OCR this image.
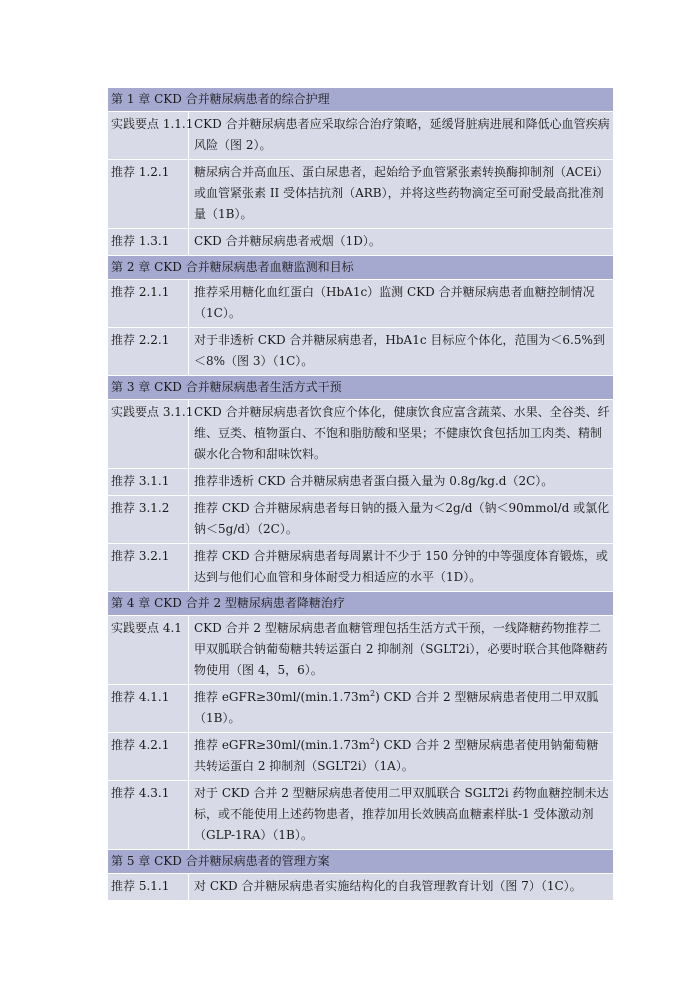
第 1 章 CKD 合并糖尿病患者的综合护理	
实践要点 1.1.1	CKD 合并糖尿病患者应采取综合治疗策略，延缓肾脏病进展和降低心血管疾病风险（图 2）。
推荐 1.2.1	糖尿病合并高血压、蛋白尿患者，起始给予血管紧张素转换酶抑制剂（ACEi）或血管紧张素 II 受体拮抗剂（ARB），并将这些药物滴定至可耐受最高批准剂量（1B）。
推荐 1.3.1	CKD 合并糖尿病患者戒烟（1D）。
第 2 章 CKD 合并糖尿病患者血糖监测和目标	
推荐 2.1.1	推荐采用糖化血红蛋白（HbA1c）监测 CKD 合并糖尿病患者血糖控制情况（1C）。
推荐 2.2.1	对于非透析 CKD 合并糖尿病患者，HbA1c 目标应个体化，范围为＜6.5%到＜8%（图 3）（1C）。
第 3 章 CKD 合并糖尿病患者生活方式干预	
实践要点 3.1.1	CKD 合并糖尿病患者饮食应个体化，健康饮食应富含蔬菜、水果、全谷类、纤维、豆类、植物蛋白、不饱和脂肪酸和坚果；不健康饮食包括加工肉类、精制碳水化合物和甜味饮料。
推荐 3.1.1	推荐非透析 CKD 合并糖尿病患者蛋白摄入量为 0.8g/kg.d（2C）。
推荐 3.1.2	推荐 CKD 合并糖尿病患者每日钠的摄入量为＜2g/d（钠＜90mmol/d 或氯化钠＜5g/d）（2C）。
推荐 3.2.1	推荐 CKD 合并糖尿病患者每周累计不少于 150 分钟的中等强度体育锻炼，或达到与他们心血管和身体耐受力相适应的水平（1D）。
第 4 章 CKD 合并 2 型糖尿病患者降糖治疗	
实践要点 4.1	CKD 合并 2 型糖尿病患者血糖管理包括生活方式干预，一线降糖药物推荐二甲双胍联合钠葡萄糖共转运蛋白 2 抑制剂（SGLT2i），必要时联合其他降糖药物使用（图 4，5，6）。
推荐 4.1.1	推荐 $eGFR\ge 30ml/(\min.1.73m^2)$ CKD 合并 2 型糖尿病患者使用二甲双胍（1B）。
推荐 4.2.1	推荐 $eGFR\ge 30ml/(\min.1.73m^2)$ CKD 合并 2 型糖尿病患者使用钠葡萄糖共转运蛋白 2 抑制剂（SGLT2i）（1A）。
推荐 4.3.1	对于 CKD 合并 2 型糖尿病患者使用二甲双胍联合 SGLT2i 药物血糖控制未达标，或不能使用上述药物患者，推荐加用长效胰高血糖素样肽-1 受体激动剂（GLP-1RA）（1B）。
第 5 章 CKD 合并糖尿病患者的管理方案	
推荐 5.1.1	对 CKD 合并糖尿病患者实施结构化的自我管理教育计划（图 7）（1C）。
